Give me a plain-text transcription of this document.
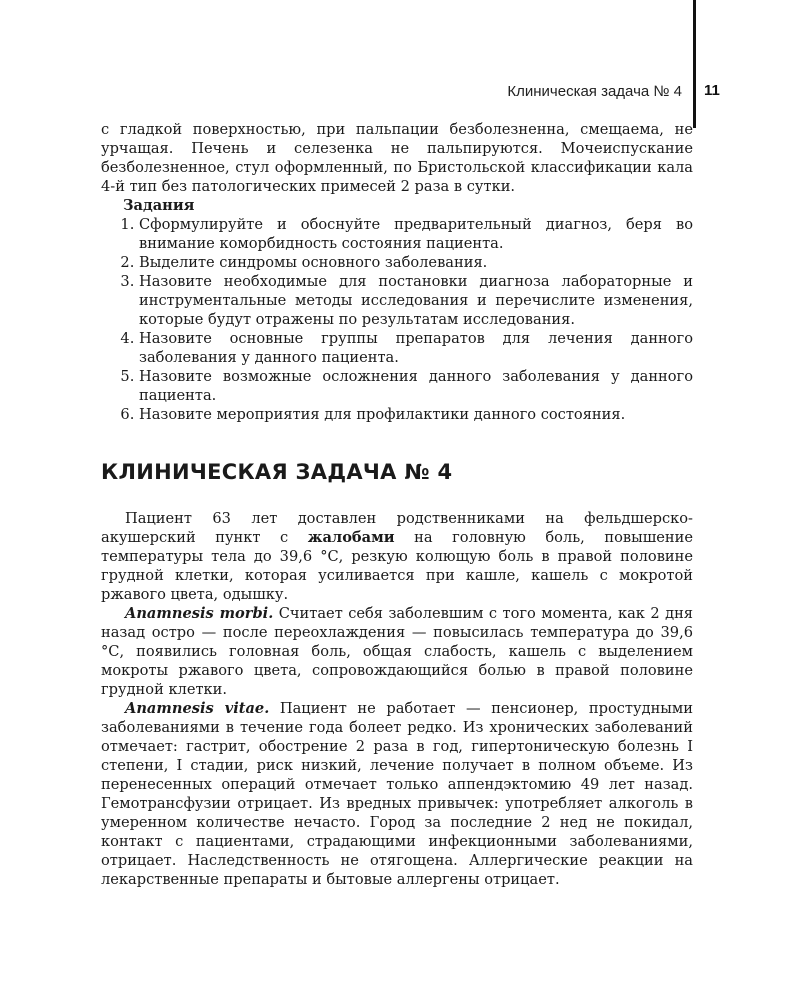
Клиническая задача № 4 11

с гладкой поверхностью, при пальпации безболезненна, смещаема, не урчащая. Печень и селезенка не пальпируются. Мочеиспускание безболезненное, стул оформленный, по Бристольской классификации кала 4-й тип без патологических примесей 2 раза в сутки.

Задания

1. Сформулируйте и обоснуйте предварительный диагноз, беря во внимание коморбидность состояния пациента.
2. Выделите синдромы основного заболевания.
3. Назовите необходимые для постановки диагноза лабораторные и инструментальные методы исследования и перечислите изменения, которые будут отражены по результатам исследования.
4. Назовите основные группы препаратов для лечения данного заболевания у данного пациента.
5. Назовите возможные осложнения данного заболевания у данного пациента.
6. Назовите мероприятия для профилактики данного состояния.
КЛИНИЧЕСКАЯ ЗАДАЧА № 4

Пациент 63 лет доставлен родственниками на фельдшерско-акушерский пункт с жалобами на головную боль, повышение температуры тела до 39,6 °С, резкую колющую боль в правой половине грудной клетки, которая усиливается при кашле, кашель с мокротой ржавого цвета, одышку.

Anamnesis morbi. Считает себя заболевшим с того момента, как 2 дня назад остро — после переохлаждения — повысилась температура до 39,6 °С, появились головная боль, общая слабость, кашель с выделением мокроты ржавого цвета, сопровождающийся болью в правой половине грудной клетки.

Anamnesis vitae. Пациент не работает — пенсионер, простудными заболеваниями в течение года болеет редко. Из хронических заболеваний отмечает: гастрит, обострение 2 раза в год, гипертоническую болезнь I степени, I стадии, риск низкий, лечение получает в полном объеме. Из перенесенных операций отмечает только аппендэктомию 49 лет назад. Гемотрансфузии отрицает. Из вредных привычек: употребляет алкоголь в умеренном количестве нечасто. Город за последние 2 нед не покидал, контакт с пациентами, страдающими инфекционными заболеваниями, отрицает. Наследственность не отягощена. Аллергические реакции на лекарственные препараты и бытовые аллергены отрицает.
